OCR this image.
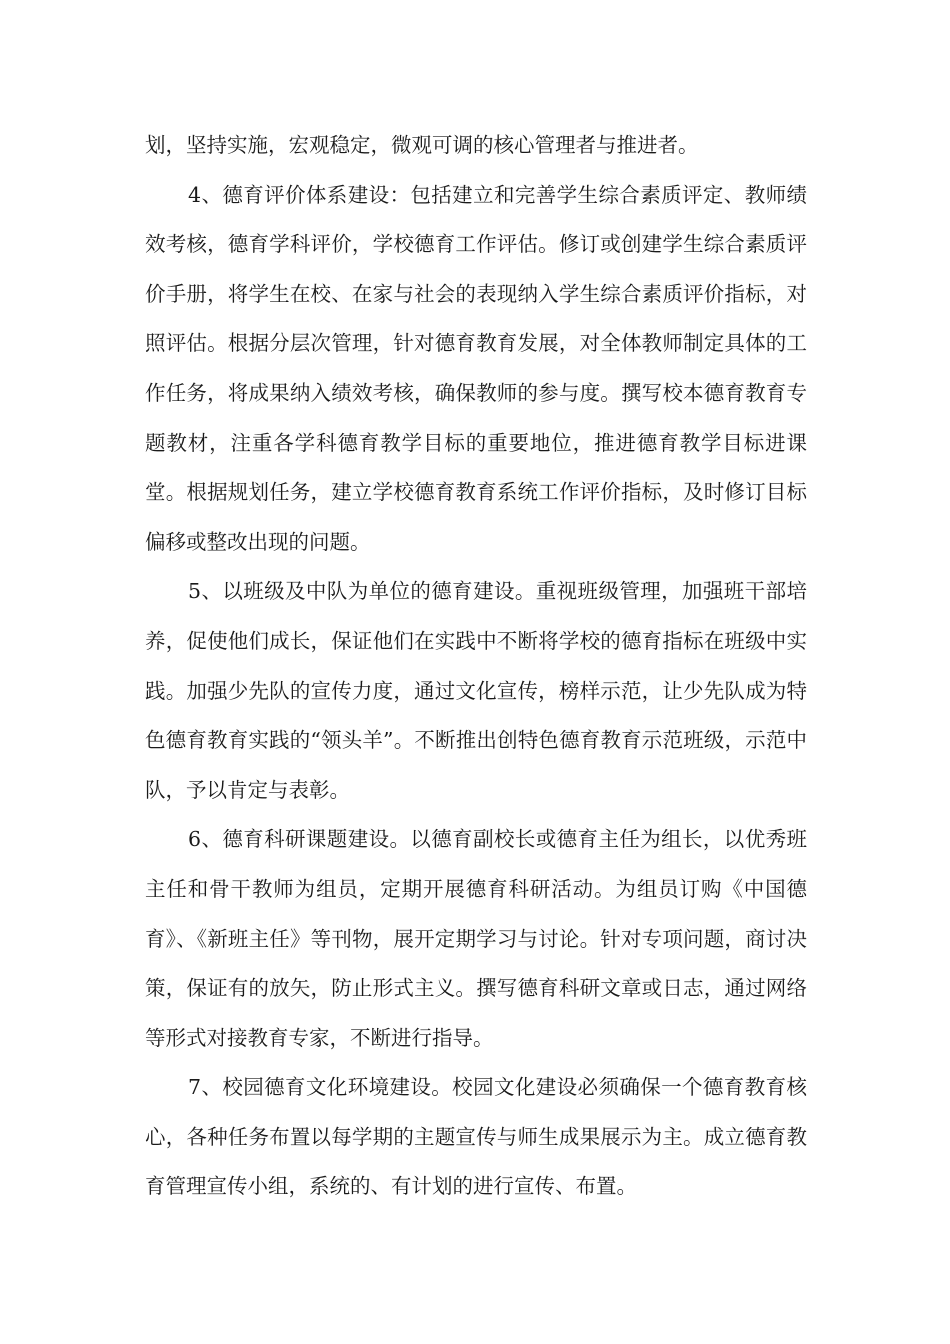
划，坚持实施，宏观稳定，微观可调的核心管理者与推进者。

4、德育评价体系建设：包括建立和完善学生综合素质评定、教师绩效考核，德育学科评价，学校德育工作评估。修订或创建学生综合素质评价手册，将学生在校、在家与社会的表现纳入学生综合素质评价指标，对照评估。根据分层次管理，针对德育教育发展，对全体教师制定具体的工作任务，将成果纳入绩效考核，确保教师的参与度。撰写校本德育教育专题教材，注重各学科德育教学目标的重要地位，推进德育教学目标进课堂。根据规划任务，建立学校德育教育系统工作评价指标，及时修订目标偏移或整改出现的问题。

5、以班级及中队为单位的德育建设。重视班级管理，加强班干部培养，促使他们成长，保证他们在实践中不断将学校的德育指标在班级中实践。加强少先队的宣传力度，通过文化宣传，榜样示范，让少先队成为特色德育教育实践的“领头羊”。不断推出创特色德育教育示范班级，示范中队，予以肯定与表彰。

6、德育科研课题建设。以德育副校长或德育主任为组长，以优秀班主任和骨干教师为组员，定期开展德育科研活动。为组员订购《中国德育》、《新班主任》等刊物，展开定期学习与讨论。针对专项问题，商讨决策，保证有的放矢，防止形式主义。撰写德育科研文章或日志，通过网络等形式对接教育专家，不断进行指导。

7、校园德育文化环境建设。校园文化建设必须确保一个德育教育核心，各种任务布置以每学期的主题宣传与师生成果展示为主。成立德育教育管理宣传小组，系统的、有计划的进行宣传、布置。
